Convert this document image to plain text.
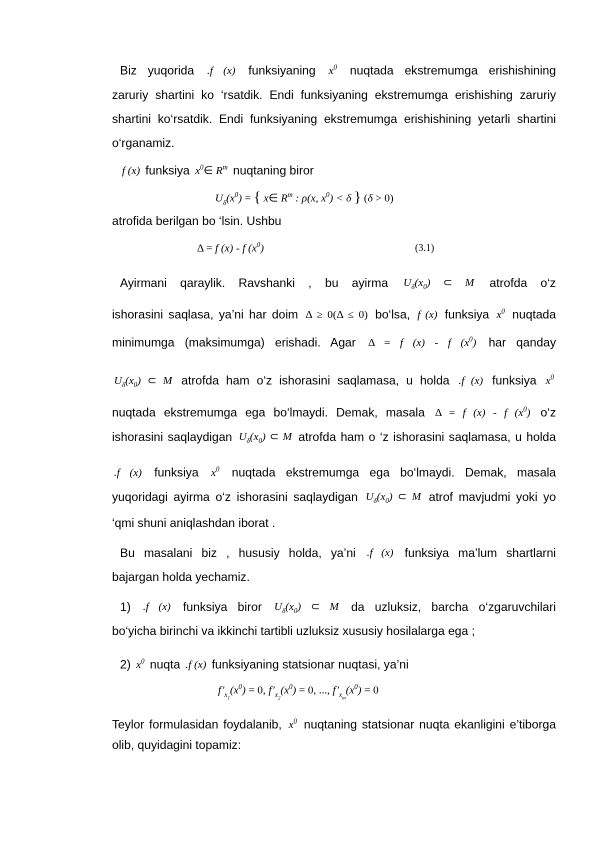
Biz yuqorida .f (x) funksiyaning $x^0$ nuqtada ekstremumga erishishining
zaruriy shartini ko ‘rsatdik. Endi funksiyaning ekstremumga erishishing zaruriy
shartini ko‘rsatdik. Endi funksiyaning ekstremumga erishishining yetarli shartini
o‘rganamiz.
f (x) funksiya $x^0\in$ $R^m$ nuqtaning biror
$U_\delta(x^0)$ = { x∈ $R^m$ : ρ(x, $x^0) < \delta$ } (δ > 0)
atrofida berilgan bo ‘lsin. Ushbu
Δ = f (x) - f $(x^0)$	(3.1)
Ayirmani qaraylik. Ravshanki , bu ayirma $U_\delta(x_0)$ ⊂ M atrofda o‘z
ishorasini saqlasa, ya’ni har doim Δ ≥ 0(Δ ≤ 0) bo‘lsa, f (x) funksiya $x^0$ nuqtada
minimumga (maksimumga) erishadi. Agar Δ = f (x) - f $(x^0)$ har qanday
$U_\delta(x_0)$ ⊂ M atrofda ham o‘z ishorasini saqlamasa, u holda .f (x) funksiya $x^0$
nuqtada ekstremumga ega bo‘lmaydi. Demak, masala Δ = f (x) - f $(x^0)$ o‘z
ishorasini saqlaydigan $U_\delta(x_0)$ ⊂ M atrofda ham o ‘z ishorasini saqlamasa, u holda
.f (x) funksiya $x^0$ nuqtada ekstremumga ega bo‘lmaydi. Demak, masala
yuqoridagi ayirma o‘z ishorasini saqlaydigan $U_\delta(x_0)$ ⊂ M atrof mavjudmi yoki yo
‘qmi shuni aniqlashdan iborat .
Bu masalani biz , hususiy holda, ya’ni .f (x) funksiya ma’lum shartlarni
bajargan holda yechamiz.
1) .f (x) funksiya biror $U_\delta(x_0)$ ⊂ M da uzluksiz, barcha o‘zgaruvchilari
bo‘yicha birinchi va ikkinchi tartibli uzluksiz xususiy hosilalarga ega ;
2) $x^0$ nuqta .f (x) funksiyaning statsionar nuqtasi, ya’ni
f $'_{x_1}(x^0) = 0$, f $'_{x_2}(x^0) = 0$, ..., f $'_{x_m}(x^0) = 0$
Teylor formulasidan foydalanib, $x^0$ nuqtaning statsionar nuqta ekanligini e’tiborga
olib, quyidagini topamiz:
